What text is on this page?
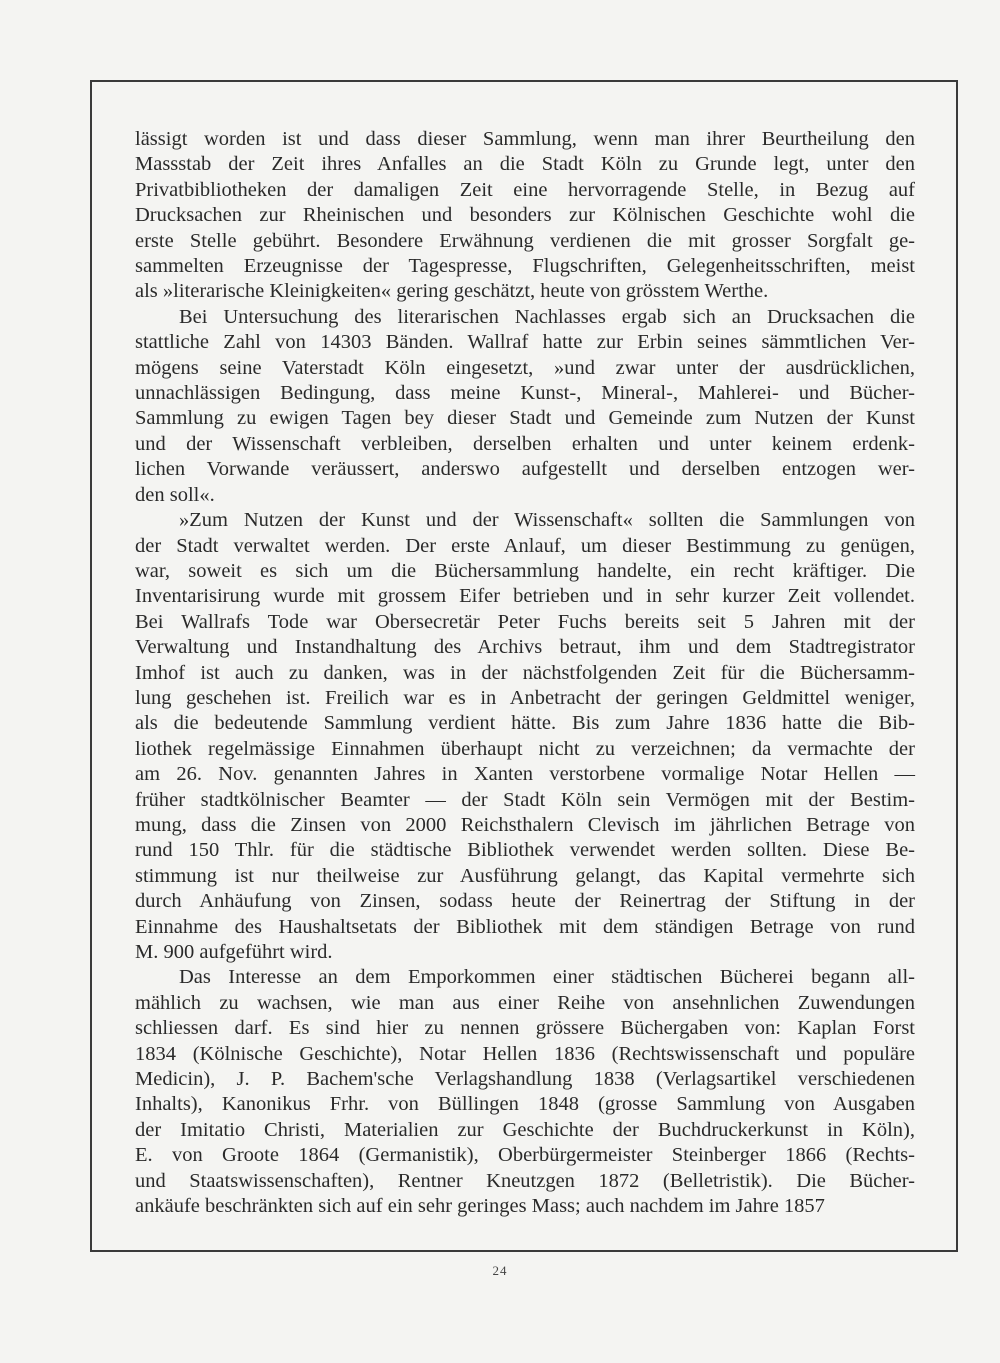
lässigt worden ist und dass dieser Sammlung, wenn man ihrer Beurtheilung den
Massstab der Zeit ihres Anfalles an die Stadt Köln zu Grunde legt, unter den
Privatbibliotheken der damaligen Zeit eine hervorragende Stelle, in Bezug auf
Drucksachen zur Rheinischen und besonders zur Kölnischen Geschichte wohl die
erste Stelle gebührt. Besondere Erwähnung verdienen die mit grosser Sorgfalt ge-
sammelten Erzeugnisse der Tagespresse, Flugschriften, Gelegenheitsschriften, meist
als »literarische Kleinigkeiten« gering geschätzt, heute von grösstem Werthe.

Bei Untersuchung des literarischen Nachlasses ergab sich an Drucksachen die
stattliche Zahl von 14303 Bänden. Wallraf hatte zur Erbin seines sämmtlichen Ver-
mögens seine Vaterstadt Köln eingesetzt, »und zwar unter der ausdrücklichen,
unnachlässigen Bedingung, dass meine Kunst-, Mineral-, Mahlerei- und Bücher-
Sammlung zu ewigen Tagen bey dieser Stadt und Gemeinde zum Nutzen der Kunst
und der Wissenschaft verbleiben, derselben erhalten und unter keinem erdenk-
lichen Vorwande veräussert, anderswo aufgestellt und derselben entzogen wer-
den soll«.

»Zum Nutzen der Kunst und der Wissenschaft« sollten die Sammlungen von
der Stadt verwaltet werden. Der erste Anlauf, um dieser Bestimmung zu genügen,
war, soweit es sich um die Büchersammlung handelte, ein recht kräftiger. Die
Inventarisirung wurde mit grossem Eifer betrieben und in sehr kurzer Zeit vollendet.
Bei Wallrafs Tode war Obersecretär Peter Fuchs bereits seit 5 Jahren mit der
Verwaltung und Instandhaltung des Archivs betraut, ihm und dem Stadtregistrator
Imhof ist auch zu danken, was in der nächstfolgenden Zeit für die Büchersamm-
lung geschehen ist. Freilich war es in Anbetracht der geringen Geldmittel weniger,
als die bedeutende Sammlung verdient hätte. Bis zum Jahre 1836 hatte die Bib-
liothek regelmässige Einnahmen überhaupt nicht zu verzeichnen; da vermachte der
am 26. Nov. genannten Jahres in Xanten verstorbene vormalige Notar Hellen —
früher stadtkölnischer Beamter — der Stadt Köln sein Vermögen mit der Bestim-
mung, dass die Zinsen von 2000 Reichsthalern Clevisch im jährlichen Betrage von
rund 150 Thlr. für die städtische Bibliothek verwendet werden sollten. Diese Be-
stimmung ist nur theilweise zur Ausführung gelangt, das Kapital vermehrte sich
durch Anhäufung von Zinsen, sodass heute der Reinertrag der Stiftung in der
Einnahme des Haushaltsetats der Bibliothek mit dem ständigen Betrage von rund
M. 900 aufgeführt wird.

Das Interesse an dem Emporkommen einer städtischen Bücherei begann all-
mählich zu wachsen, wie man aus einer Reihe von ansehnlichen Zuwendungen
schliessen darf. Es sind hier zu nennen grössere Büchergaben von: Kaplan Forst
1834 (Kölnische Geschichte), Notar Hellen 1836 (Rechtswissenschaft und populäre
Medicin), J. P. Bachem'sche Verlagshandlung 1838 (Verlagsartikel verschiedenen
Inhalts), Kanonikus Frhr. von Büllingen 1848 (grosse Sammlung von Ausgaben
der Imitatio Christi, Materialien zur Geschichte der Buchdruckerkunst in Köln),
E. von Groote 1864 (Germanistik), Oberbürgermeister Steinberger 1866 (Rechts-
und Staatswissenschaften), Rentner Kneutzgen 1872 (Belletristik). Die Bücher-
ankäufe beschränkten sich auf ein sehr geringes Mass; auch nachdem im Jahre 1857

24
